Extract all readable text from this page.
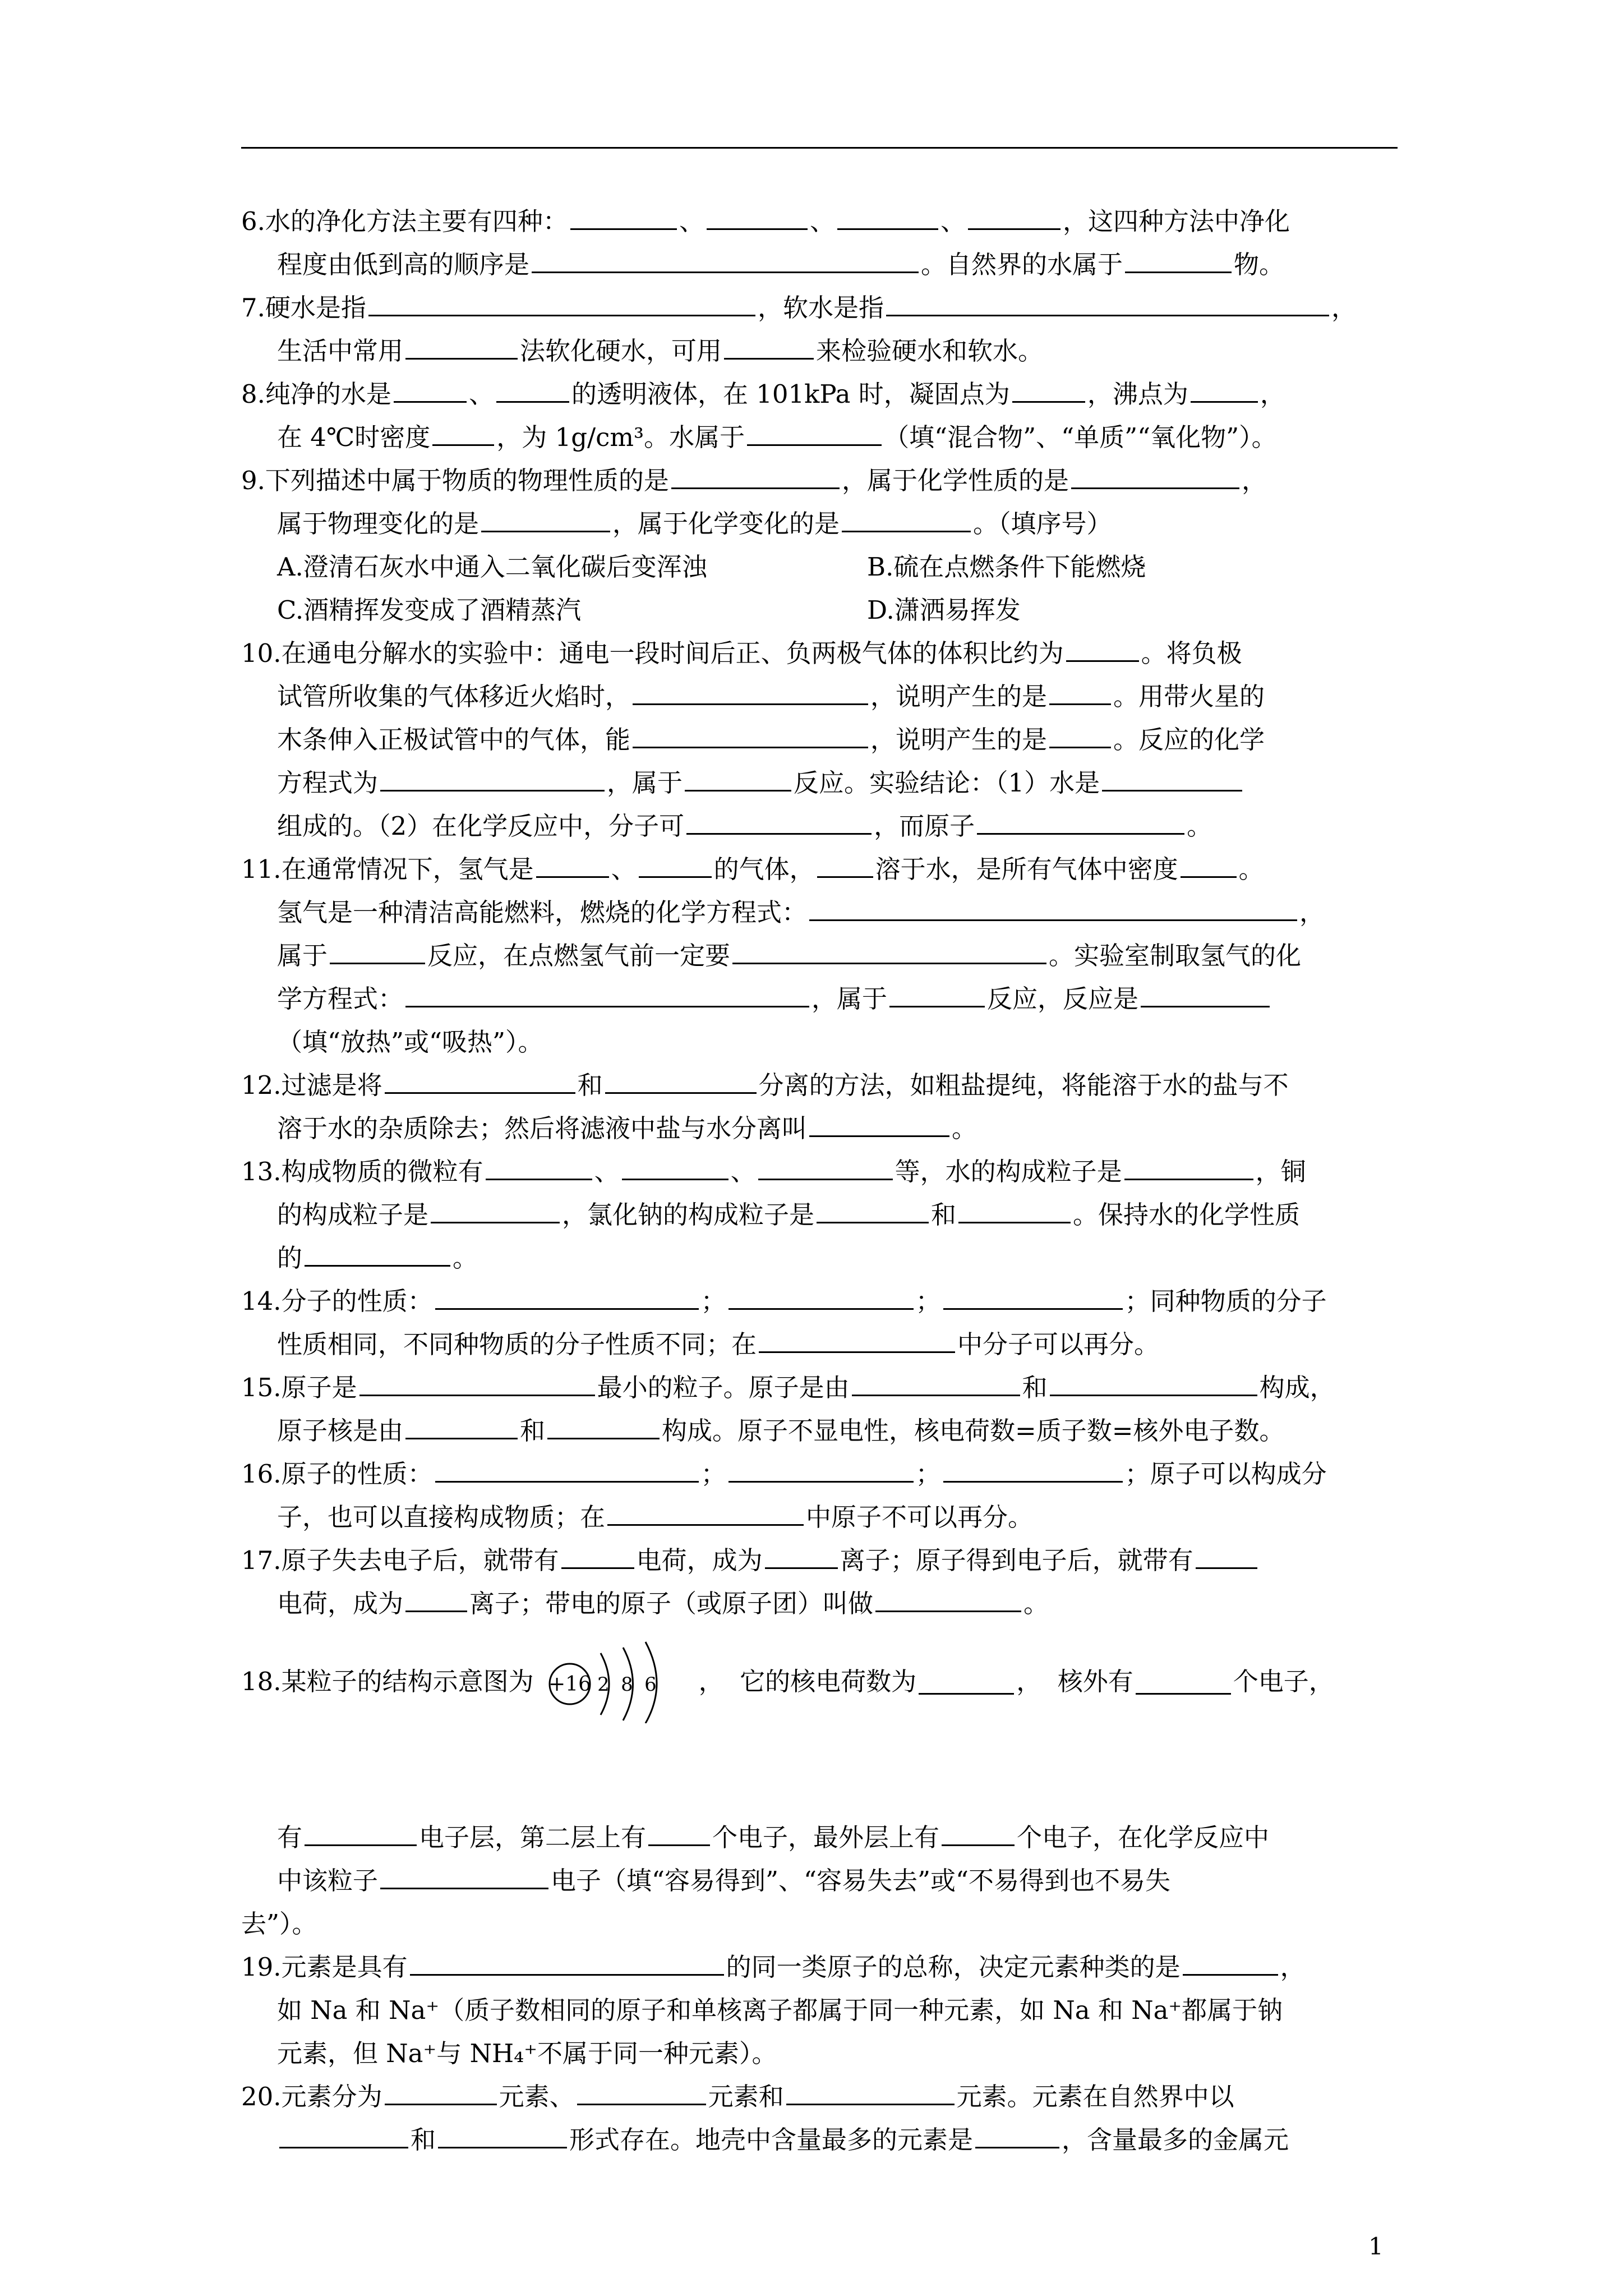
6.水的净化方法主要有四种：	、	、	、	，这四种方法中净化
程度由低到高的顺序是	。自然界的水属于	物。
7.硬水是指	，软水是指	，
生活中常用	法软化硬水，可用	来检验硬水和软水。
8.纯净的水是	、	的透明液体，在 101kPa 时，凝固点为	，沸点为	，
在 4℃时密度	，为 1g/cm³。水属于	（填“混合物”、“单质”“氧化物”）。
9.下列描述中属于物质的物理性质的是	，属于化学性质的是	，
属于物理变化的是	，属于化学变化的是	。（填序号）
A.澄清石灰水中通入二氧化碳后变浑浊	B.硫在点燃条件下能燃烧
C.酒精挥发变成了酒精蒸汽	D.潇洒易挥发
10.在通电分解水的实验中：通电一段时间后正、负两极气体的体积比约为	。将负极
试管所收集的气体移近火焰时，	，说明产生的是	。用带火星的
木条伸入正极试管中的气体，能	，说明产生的是	。反应的化学
方程式为	，属于	反应。实验结论：（1）水是
组成的。（2）在化学反应中，分子可	，而原子	。
11.在通常情况下，氢气是	、	的气体， 溶于水，是所有气体中密度 。
氢气是一种清洁高能燃料，燃烧的化学方程式：	，
属于	反应，在点燃氢气前一定要	。实验室制取氢气的化
学方程式：	，属于	反应，反应是
（填“放热”或“吸热”）。
12.过滤是将	和	分离的方法，如粗盐提纯，将能溶于水的盐与不
溶于水的杂质除去；然后将滤液中盐与水分离叫	。
13.构成物质的微粒有	、	、	等，水的构成粒子是	，铜
的构成粒子是	，氯化钠的构成粒子是	和	。保持水的化学性质
的	。
14.分子的性质：	；	；	；同种物质的分子
性质相同，不同种物质的分子性质不同；在	中分子可以再分。
15.原子是	最小的粒子。原子是由	和	构成，
原子核是由	和	构成。原子不显电性，核电荷数=质子数=核外电子数。
16.原子的性质：	；	；	；原子可以构成分
子，也可以直接构成物质；在	中原子不可以再分。
17.原子失去电子后，就带有	电荷，成为	离子；原子得到电子后，就带有
电荷，成为	离子；带电的原子（或原子团）叫做	。
18.某粒子的结构示意图为 +16 2 8 6 ，  它的核电荷数为	，  核外有	个电子，
有	电子层，第二层上有	个电子，最外层上有	个电子，在化学反应中
中该粒子	电子（填“容易得到”、“容易失去”或“不易得到也不易失
去”）。
19.元素是具有	的同一类原子的总称，决定元素种类的是	，
如 Na 和 Na⁺（质子数相同的原子和单核离子都属于同一种元素，如 Na 和 Na⁺都属于钠
元素，但 Na⁺与 NH₄⁺不属于同一种元素）。
20.元素分为	元素、	元素和	元素。元素在自然界中以
和	形式存在。地壳中含量最多的元素是	，含量最多的金属元
1
